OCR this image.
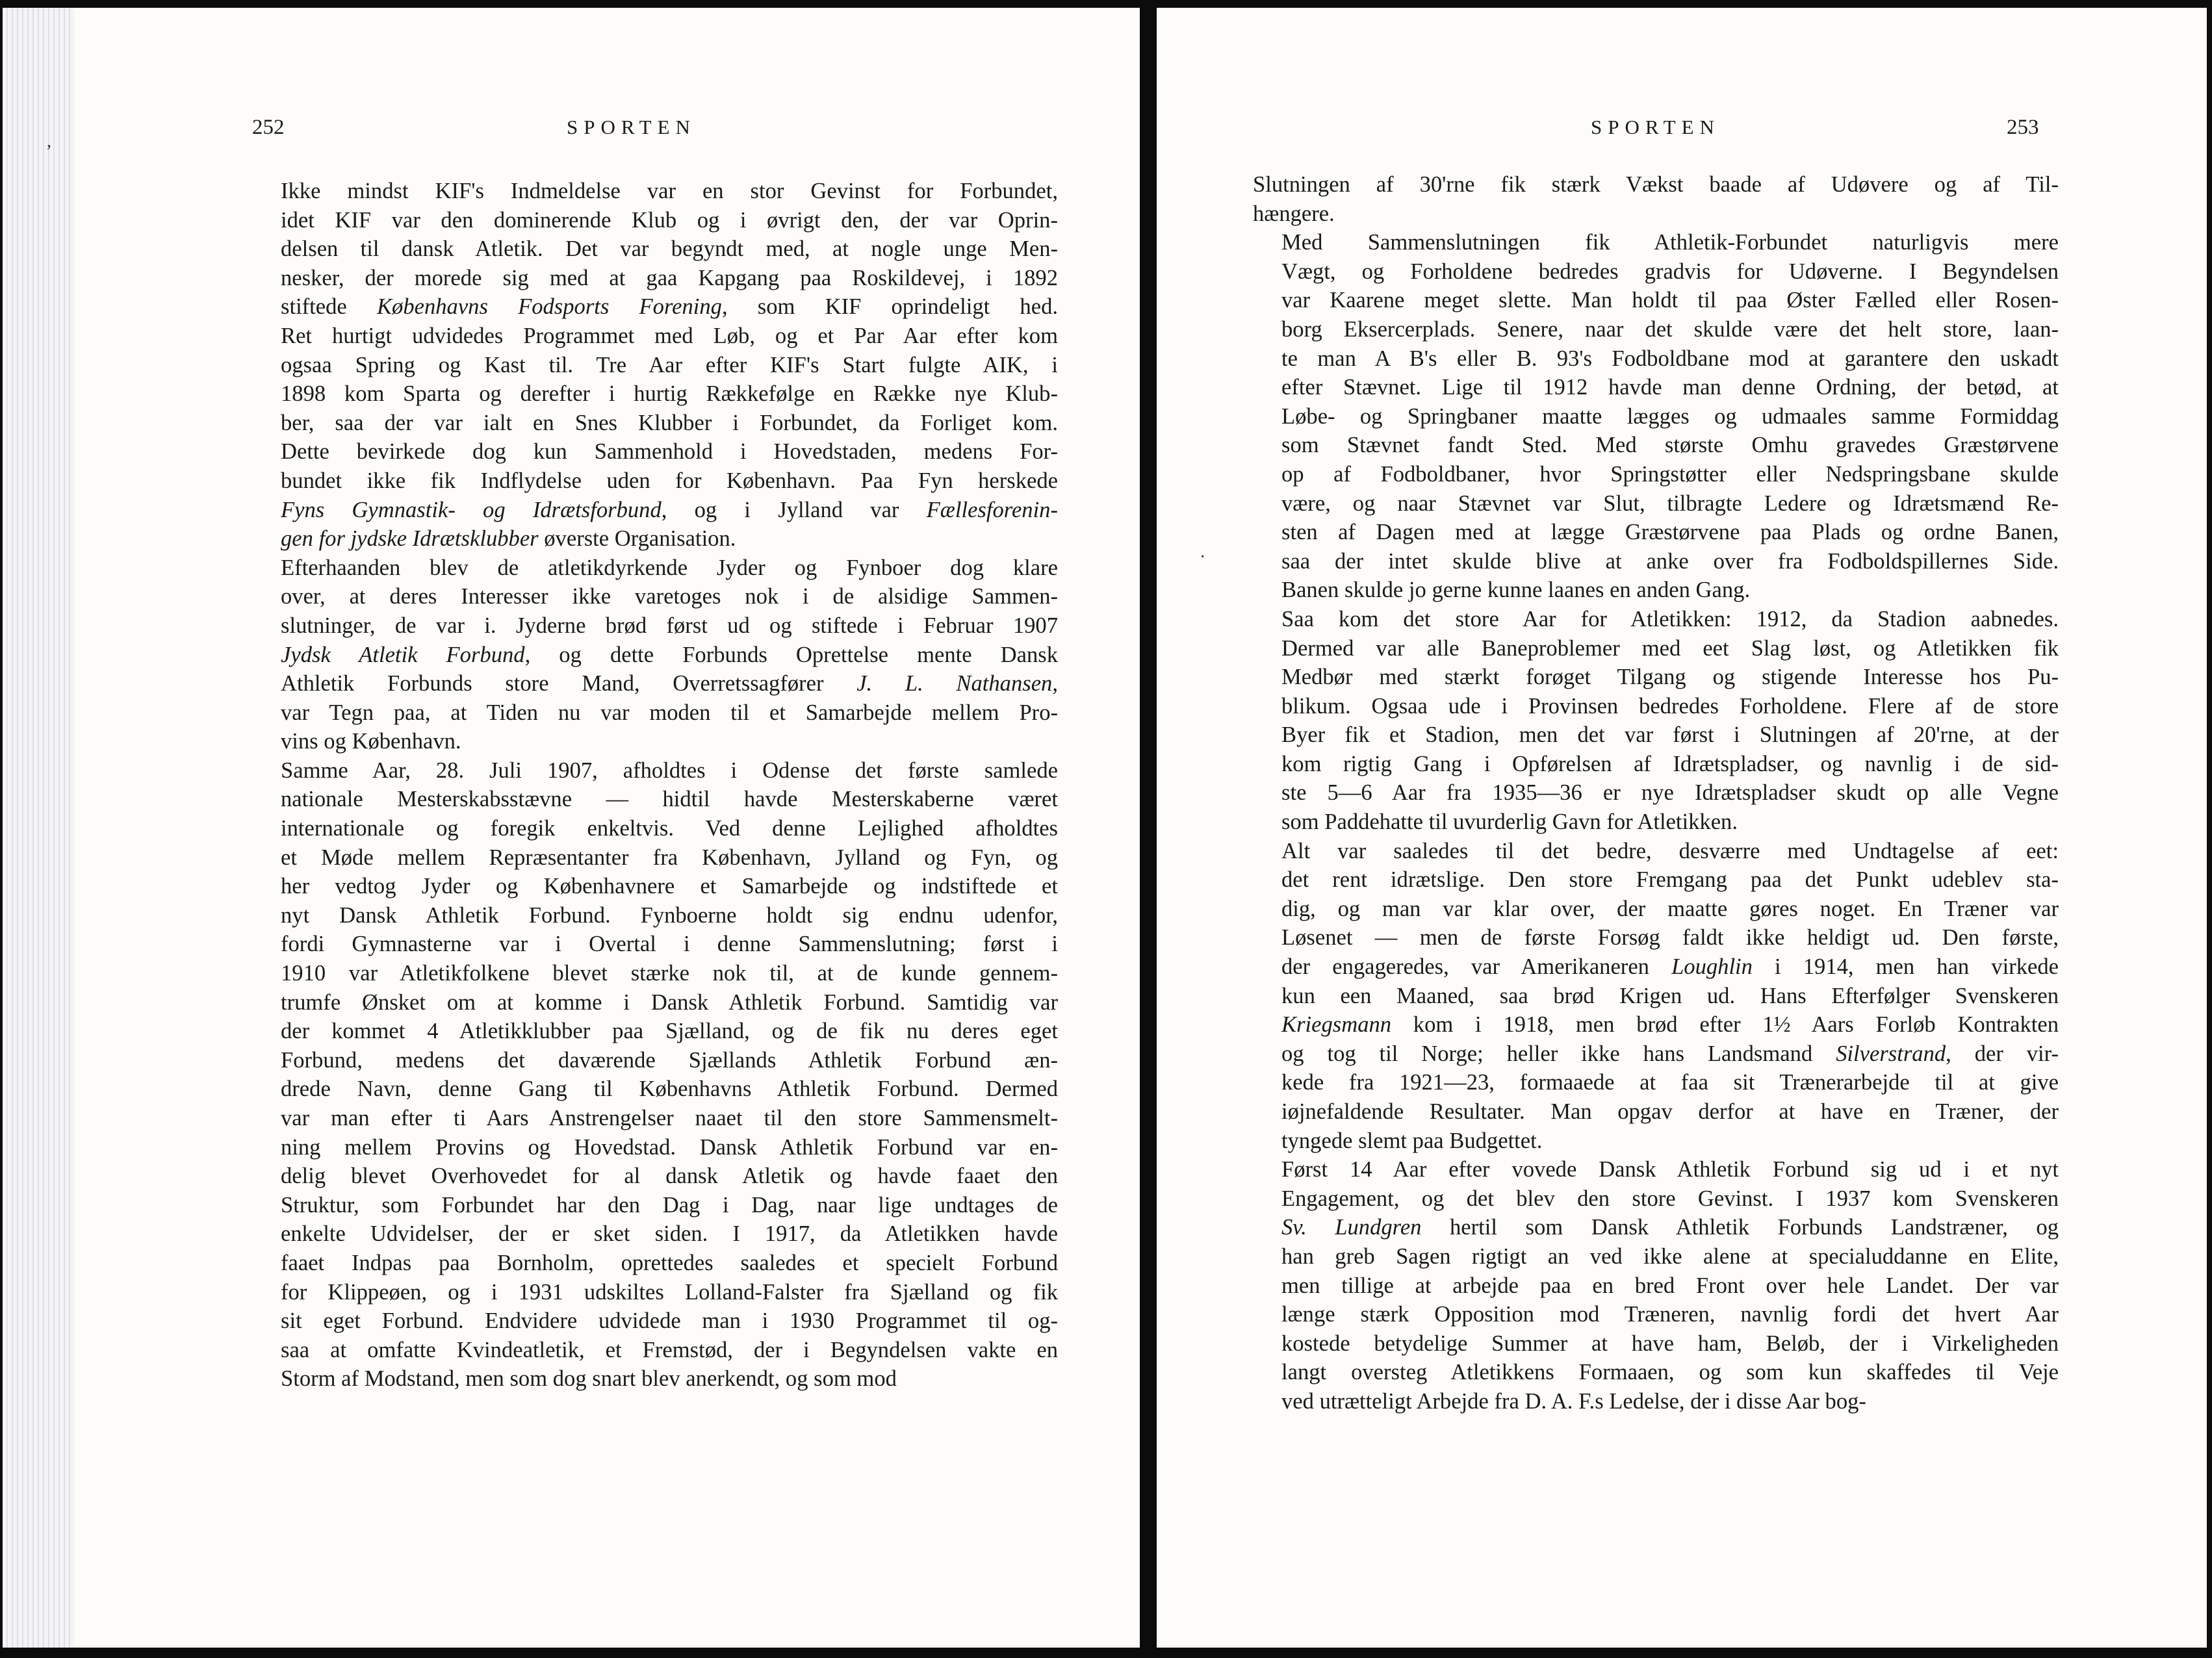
,
252	SPORTEN

Ikke mindst KIF's Indmeldelse var en stor Gevinst for Forbundet,
idet KIF var den dominerende Klub og i øvrigt den, der var Oprin-
delsen til dansk Atletik. Det var begyndt med, at nogle unge Men-
nesker, der morede sig med at gaa Kapgang paa Roskildevej, i 1892
stiftede Københavns Fodsports Forening, som KIF oprindeligt hed.
Ret hurtigt udvidedes Programmet med Løb, og et Par Aar efter kom
ogsaa Spring og Kast til. Tre Aar efter KIF's Start fulgte AIK, i
1898 kom Sparta og derefter i hurtig Rækkefølge en Række nye Klub-
ber, saa der var ialt en Snes Klubber i Forbundet, da Forliget kom.
Dette bevirkede dog kun Sammenhold i Hovedstaden, medens For-
bundet ikke fik Indflydelse uden for København. Paa Fyn herskede
Fyns Gymnastik- og Idrætsforbund, og i Jylland var Fællesforenin-
gen for jydske Idrætsklubber øverste Organisation.

Efterhaanden blev de atletikdyrkende Jyder og Fynboer dog klare
over, at deres Interesser ikke varetoges nok i de alsidige Sammen-
slutninger, de var i. Jyderne brød først ud og stiftede i Februar 1907
Jydsk Atletik Forbund, og dette Forbunds Oprettelse mente Dansk
Athletik Forbunds store Mand, Overretssagfører J. L. Nathansen,
var Tegn paa, at Tiden nu var moden til et Samarbejde mellem Pro-
vins og København.

Samme Aar, 28. Juli 1907, afholdtes i Odense det første samlede
nationale Mesterskabsstævne — hidtil havde Mesterskaberne været
internationale og foregik enkeltvis. Ved denne Lejlighed afholdtes
et Møde mellem Repræsentanter fra København, Jylland og Fyn, og
her vedtog Jyder og Københavnere et Samarbejde og indstiftede et
nyt Dansk Athletik Forbund. Fynboerne holdt sig endnu udenfor,
fordi Gymnasterne var i Overtal i denne Sammenslutning; først i
1910 var Atletikfolkene blevet stærke nok til, at de kunde gennem-
trumfe Ønsket om at komme i Dansk Athletik Forbund. Samtidig var
der kommet 4 Atletikklubber paa Sjælland, og de fik nu deres eget
Forbund, medens det daværende Sjællands Athletik Forbund æn-
drede Navn, denne Gang til Københavns Athletik Forbund. Dermed
var man efter ti Aars Anstrengelser naaet til den store Sammensmelt-
ning mellem Provins og Hovedstad. Dansk Athletik Forbund var en-
delig blevet Overhovedet for al dansk Atletik og havde faaet den
Struktur, som Forbundet har den Dag i Dag, naar lige undtages de
enkelte Udvidelser, der er sket siden. I 1917, da Atletikken havde
faaet Indpas paa Bornholm, oprettedes saaledes et specielt Forbund
for Klippeøen, og i 1931 udskiltes Lolland-Falster fra Sjælland og fik
sit eget Forbund. Endvidere udvidede man i 1930 Programmet til og-
saa at omfatte Kvindeatletik, et Fremstød, der i Begyndelsen vakte en
Storm af Modstand, men som dog snart blev anerkendt, og som mod

SPORTEN	253
·

Slutningen af 30'rne fik stærk Vækst baade af Udøvere og af Til-
hængere.

Med Sammenslutningen fik Athletik-Forbundet naturligvis mere
Vægt, og Forholdene bedredes gradvis for Udøverne. I Begyndelsen
var Kaarene meget slette. Man holdt til paa Øster Fælled eller Rosen-
borg Eksercerplads. Senere, naar det skulde være det helt store, laan-
te man A B's eller B. 93's Fodboldbane mod at garantere den uskadt
efter Stævnet. Lige til 1912 havde man denne Ordning, der betød, at
Løbe- og Springbaner maatte lægges og udmaales samme Formiddag
som Stævnet fandt Sted. Med største Omhu gravedes Græstørvene
op af Fodboldbaner, hvor Springstøtter eller Nedspringsbane skulde
være, og naar Stævnet var Slut, tilbragte Ledere og Idrætsmænd Re-
sten af Dagen med at lægge Græstørvene paa Plads og ordne Banen,
saa der intet skulde blive at anke over fra Fodboldspillernes Side.
Banen skulde jo gerne kunne laanes en anden Gang.

Saa kom det store Aar for Atletikken: 1912, da Stadion aabnedes.
Dermed var alle Baneproblemer med eet Slag løst, og Atletikken fik
Medbør med stærkt forøget Tilgang og stigende Interesse hos Pu-
blikum. Ogsaa ude i Provinsen bedredes Forholdene. Flere af de store
Byer fik et Stadion, men det var først i Slutningen af 20'rne, at der
kom rigtig Gang i Opførelsen af Idrætspladser, og navnlig i de sid-
ste 5—6 Aar fra 1935—36 er nye Idrætspladser skudt op alle Vegne
som Paddehatte til uvurderlig Gavn for Atletikken.

Alt var saaledes til det bedre, desværre med Undtagelse af eet:
det rent idrætslige. Den store Fremgang paa det Punkt udeblev sta-
dig, og man var klar over, der maatte gøres noget. En Træner var
Løsenet — men de første Forsøg faldt ikke heldigt ud. Den første,
der engageredes, var Amerikaneren Loughlin i 1914, men han virkede
kun een Maaned, saa brød Krigen ud. Hans Efterfølger Svenskeren
Kriegsmann kom i 1918, men brød efter 1½ Aars Forløb Kontrakten
og tog til Norge; heller ikke hans Landsmand Silverstrand, der vir-
kede fra 1921—23, formaaede at faa sit Trænerarbejde til at give
iøjnefaldende Resultater. Man opgav derfor at have en Træner, der
tyngede slemt paa Budgettet.

Først 14 Aar efter vovede Dansk Athletik Forbund sig ud i et nyt
Engagement, og det blev den store Gevinst. I 1937 kom Svenskeren
Sv. Lundgren hertil som Dansk Athletik Forbunds Landstræner, og
han greb Sagen rigtigt an ved ikke alene at specialuddanne en Elite,
men tillige at arbejde paa en bred Front over hele Landet. Der var
længe stærk Opposition mod Træneren, navnlig fordi det hvert Aar
kostede betydelige Summer at have ham, Beløb, der i Virkeligheden
langt oversteg Atletikkens Formaaen, og som kun skaffedes til Veje
ved utrætteligt Arbejde fra D. A. F.s Ledelse, der i disse Aar bog-
